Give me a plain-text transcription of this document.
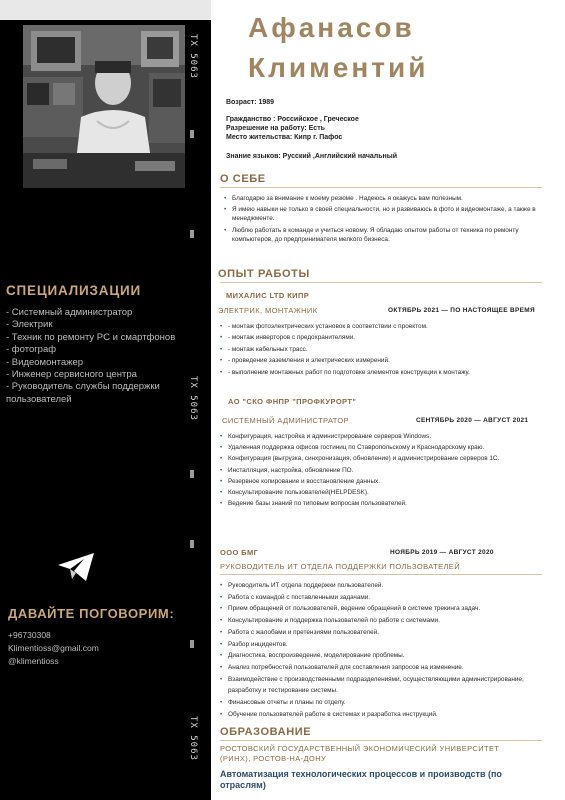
СПЕЦИАЛИЗАЦИИ
- Системный администратор
- Электрик
- Техник по ремонту PC и смартфонов
- фотограф
- Видеомонтажер
- Инженер сервисного центра
- Руководитель службы поддержки пользователей
ДАВАЙТЕ ПОГОВОРИМ:
+96730308
Klimentioss@gmail.com
@klimentioss
TX 5063
TX 5063
TX 5063
Афанасов
Климентий
Возраст: 1989
Гражданство : Российское , Греческое
Разрешение на работу: Есть
Место жительства: Кипр г. Пафос
Знание языков: Русский ,Английский начальный
О СЕБЕ
• Благодарю за внимание к моему резюме . Надеюсь я окажусь вам полезным.
• Я имею навыки не только в своей специальности, но и развиваюсь в фото и видеомонтаже, а также в менеджменте.
• Люблю работать в команде и учиться новому. Я обладаю опытом работы от техника по ремонту компьютеров, до предпринимателя мелкого бизнеса.
ОПЫТ РАБОТЫ
МИХАЛИС LTD КИПР
ЭЛЕКТРИК, МОНТАЖНИК	ОКТЯБРЬ 2021 — ПО НАСТОЯЩЕЕ ВРЕМЯ
• - монтаж фотоэлектрических установок в соответствии с проектом.
• - монтаж инверторов с предохранителями.
• - монтаж кабельных трасс.
• - проведение заземления и электрических измерений.
• - выполнение монтажных работ по подготовке элементов конструкции к монтажу.
АО "СКО ФНПР "ПРОФКУРОРТ"
СИСТЕМНЫЙ АДМИНИСТРАТОР	СЕНТЯБРЬ 2020 — АВГУСТ 2021
• Конфигурация, настройка и администрирование серверов Windows.
• Удаленная поддержка офисов гостиниц по Ставропольскому и Краснодарскому краю.
• Конфигурация (выгрузка, синхронизация, обновление) и администрирование серверов 1С.
• Инсталляция, настройка, обновление ПО.
• Резервное копирование и восстановление данных.
• Консультирование пользователей(HELPDESK).
• Ведение базы знаний по типовым вопросам пользователей.
ООО БМГ	НОЯБРЬ 2019 — АВГУСТ 2020
РУКОВОДИТЕЛЬ ИТ ОТДЕЛА ПОДДЕРЖКИ ПОЛЬЗОВАТЕЛЕЙ
• Руководитель ИТ отдела поддержки пользователей.
• Работа с командой с поставленными задачами.
• Прием обращений от пользователей, ведение обращений в системе трекинга задач.
• Консультирование и поддержка пользователей по работе с системами.
• Работа с жалобами и претензиями пользователей.
• Разбор инцидентов.
• Диагностика, воспроизведение, моделирование проблемы.
• Анализ потребностей пользователей для составления запросов на изменение.
• Взаимодействие с производственными подразделениями, осуществляющими администрирование, разработку и тестирование системы.
• Финансовые отчеты и планы по отделу.
• Обучение пользователей работе в системах и разработка инструкций.
ОБРАЗОВАНИЕ
РОСТОВСКИЙ ГОСУДАРСТВЕННЫЙ ЭКОНОМИЧЕСКИЙ УНИВЕРСИТЕТ (РИНХ), РОСТОВ-НА-ДОНУ
Автоматизация технологических процессов и производств (по отраслям)
